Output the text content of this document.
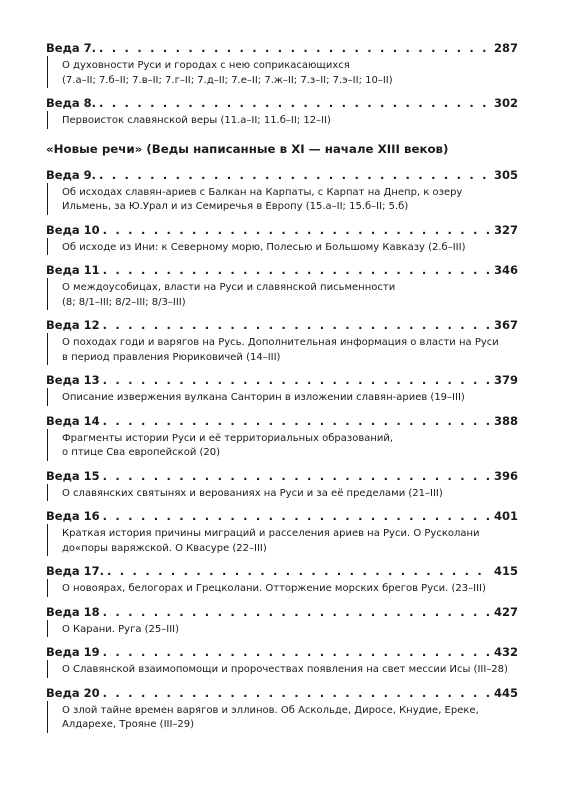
Веда 7. . . .	287
О духовности Руси и городах с нею соприкасающихся
(7.а–II; 7.б–II; 7.в–II; 7.г–II; 7.д–II; 7.е–II; 7.ж–II; 7.з–II; 7.э–II; 10–II)
Веда 8. . . .	302
Первоисток славянской веры (11.а–II; 11.б–II; 12–II)
«Новые речи» (Веды написанные в XI — начале XIII веков)
Веда 9. . . .	305
Об исходах славян-ариев с Балкан на Карпаты, с Карпат на Днепр, к озеру
Ильмень, за Ю.Урал и из Семиречья в Европу (15.а–II; 15.б–II; 5.б)
Веда 10 . . .	327
Об исходе из Ини: к Северному морю, Полесью и Большому Кавказу (2.б–III)
Веда 11 . . .	346
О междоусобицах, власти на Руси и славянской письменности
(8; 8/1–III; 8/2–III; 8/3–III)
Веда 12 . . .	367
О походах годи и варягов на Русь. Дополнительная информация о власти на Руси
в период правления Рюриковичей (14–III)
Веда 13 . . .	379
Описание извержения вулкана Санторин в изложении славян-ариев (19–III)
Веда 14 . . .	388
Фрагменты истории Руси и её территориальных образований,
о птице Сва европейской (20)
Веда 15 . . .	396
О славянских святынях и верованиях на Руси и за её пределами (21–III)
Веда 16 . . .	401
Краткая история причины миграций и расселения ариев на Руси. О Русколани
до«поры варяжской. О Квасуре (22–III)
Веда 17. . . .	415
О новоярах, белогорах и Грецколани. Отторжение морских брегов Руси. (23–III)
Веда 18 . . .	427
О Карани. Руга (25–III)
Веда 19 . . .	432
О Славянской взаимопомощи и пророчествах появления на свет мессии Исы (III–28)
Веда 20 . . .	445
О злой тайне времен варягов и эллинов. Об Аскольде, Диросе, Кнудие, Ереке,
Алдарехе, Трояне (III–29)
